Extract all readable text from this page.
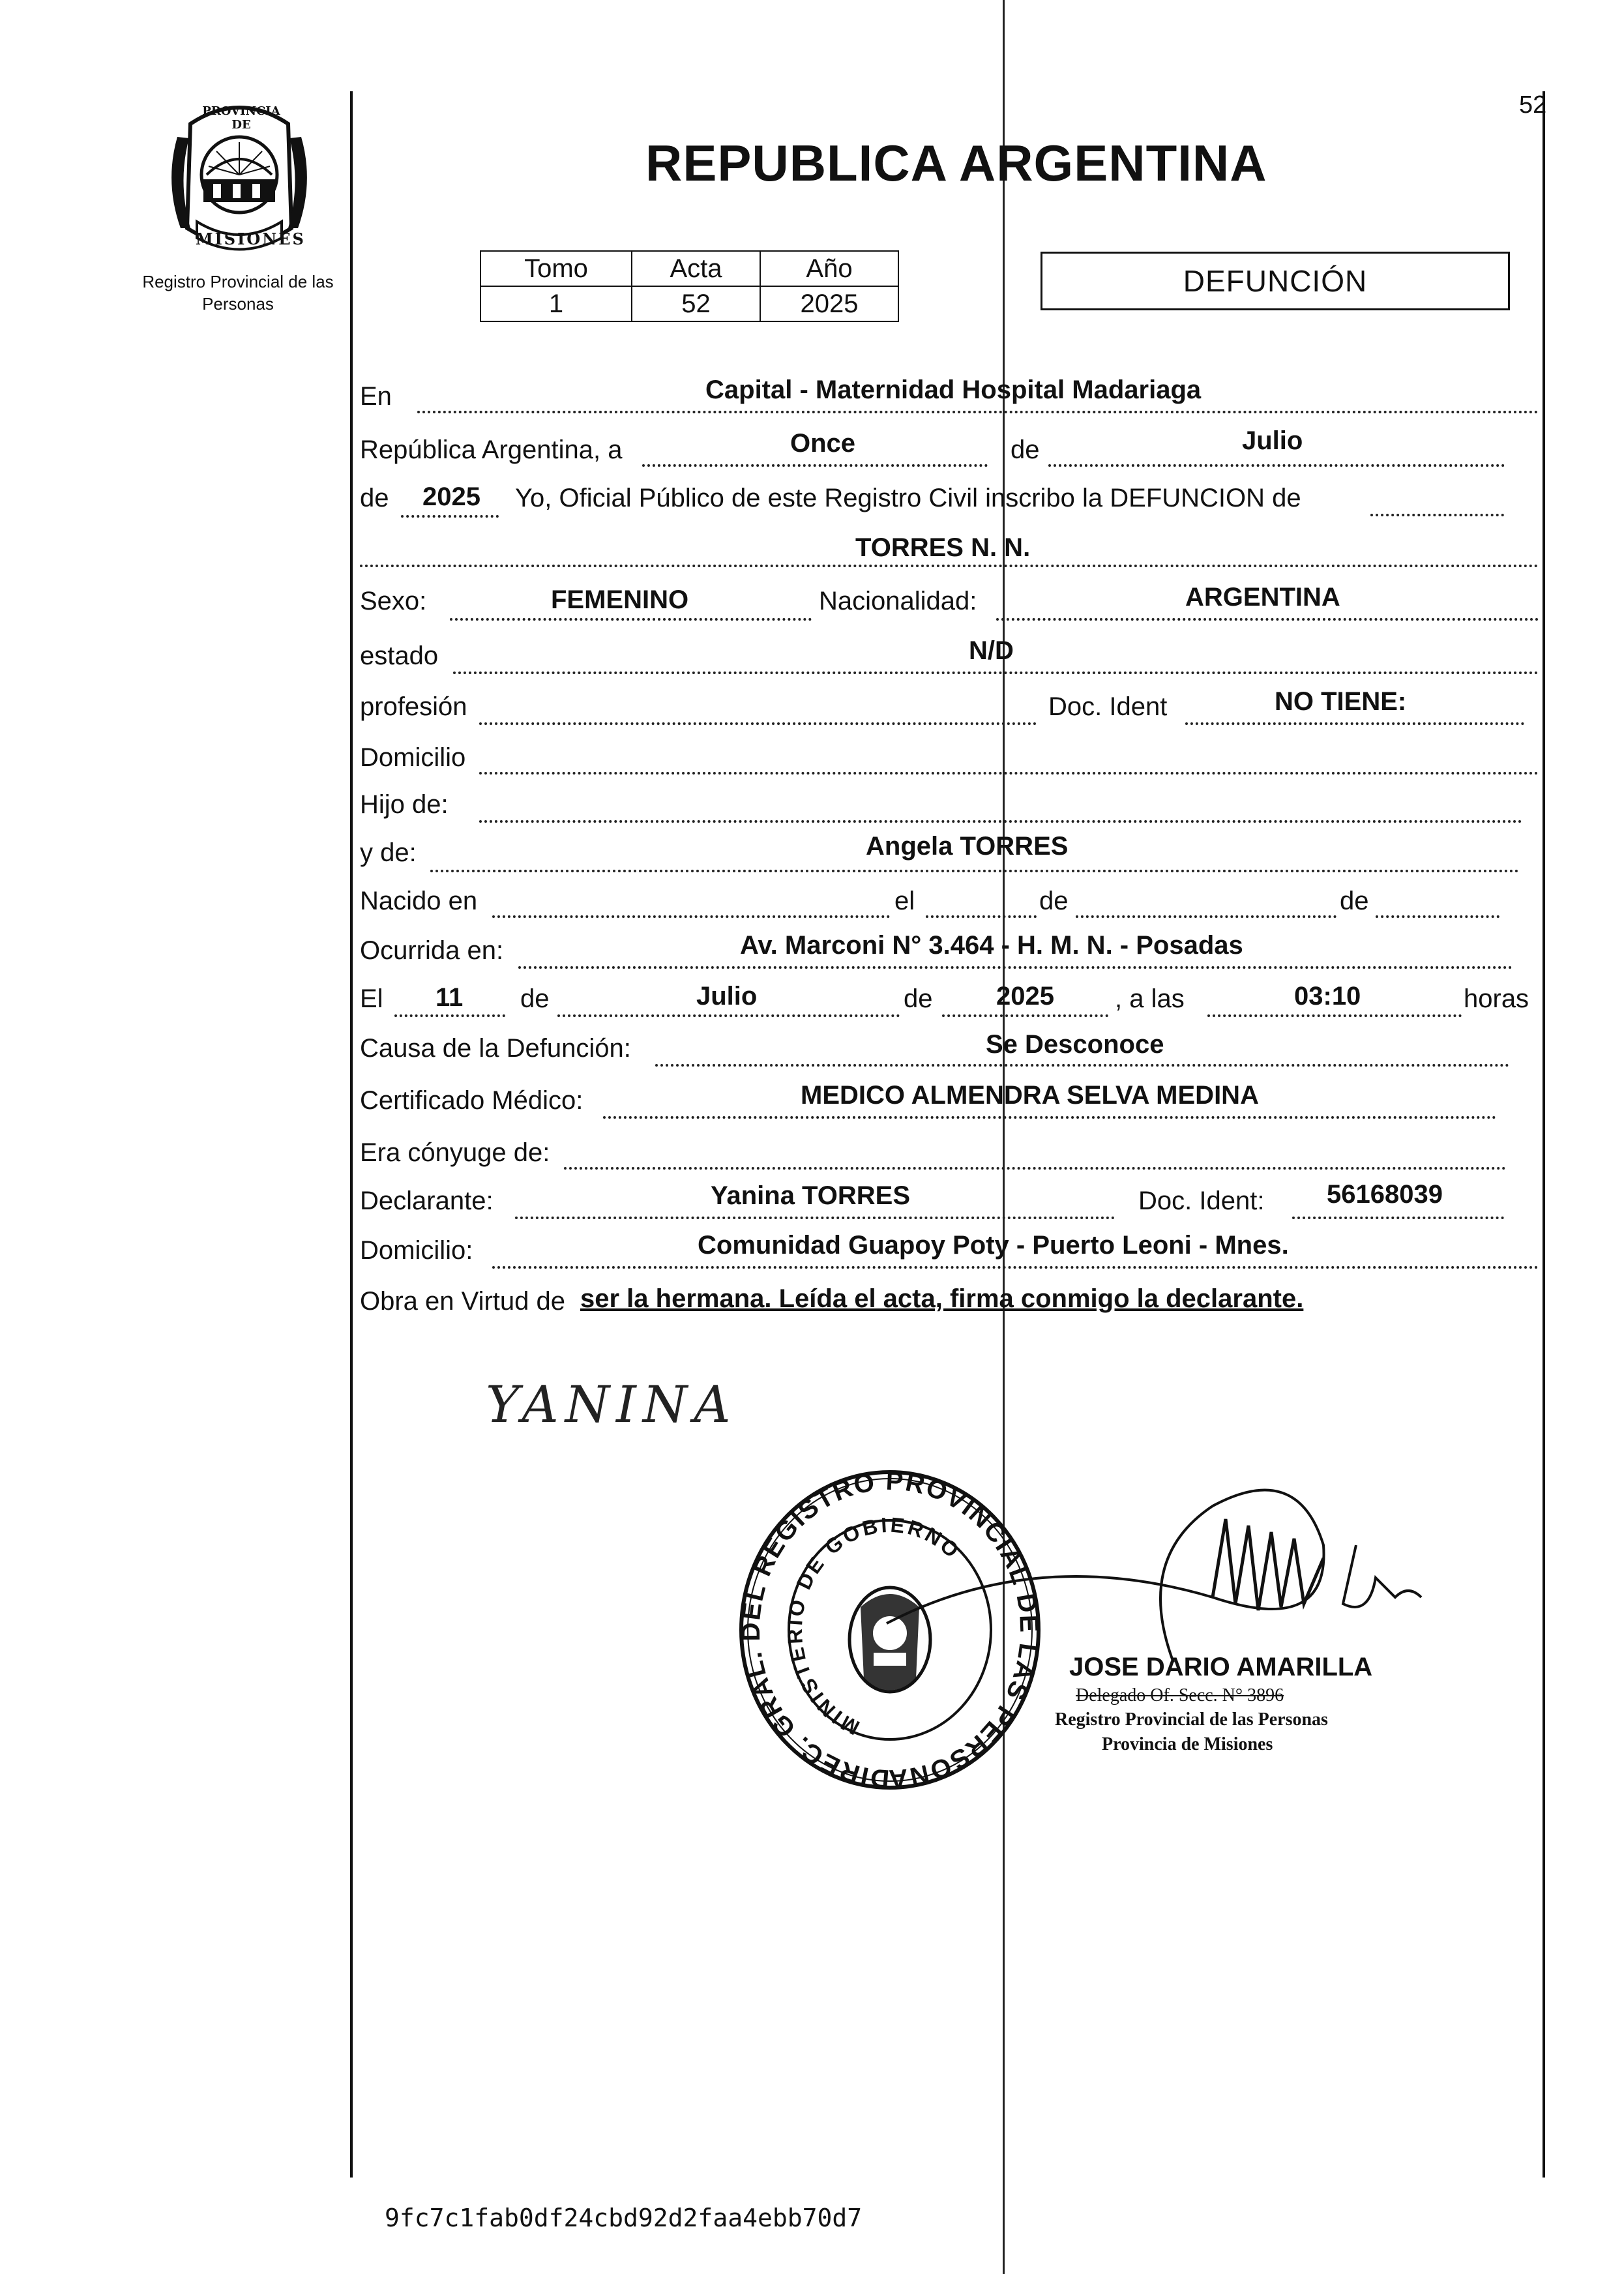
PROVINCIA DE
MISIONES
Registro Provincial de las Personas
52
REPUBLICA ARGENTINA
Tomo	Acta	Año
1	52	2025
DEFUNCIÓN
En	Capital - Maternidad Hospital Madariaga
República Argentina, a	Once	de	Julio
de 2025 Yo, Oficial Público de este Registro Civil inscribo la DEFUNCION de
TORRES N. N.
Sexo:	FEMENINO	Nacionalidad:	ARGENTINA
estado	N/D
profesión	Doc. Ident	NO TIENE:
Domicilio
Hijo de:
y de:	Angela TORRES
Nacido en	el	de	de
Ocurrida en:	Av. Marconi N° 3.464 - H. M. N. - Posadas
El 11 de	Julio	de 2025 , a las	03:10	horas
Causa de la Defunción:	Se Desconoce
Certificado Médico:	MEDICO ALMENDRA SELVA MEDINA
Era cónyuge de:
Declarante:	Yanina TORRES	Doc. Ident: 56168039
Domicilio:	Comunidad Guapoy Poty - Puerto Leoni - Mnes.
Obra en Virtud de ser la hermana. Leída el acta, firma conmigo la declarante.
YANINA
DIREC. GRAL. DEL REGISTRO PROVINCIAL DE LAS PERSONA
MINISTERIO DE GOBIERNO
JOSE DARIO AMARILLA
Delegado Of. Secc. N° 3896
Registro Provincial de las Personas
Provincia de Misiones
9fc7c1fab0df24cbd92d2faa4ebb70d7
